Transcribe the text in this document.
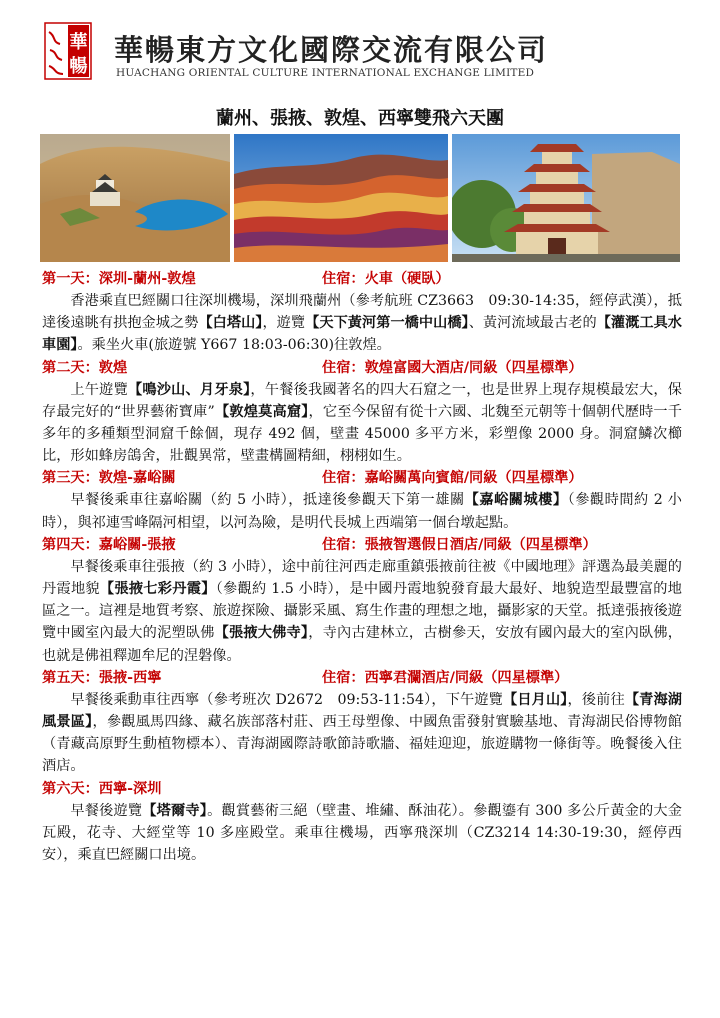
華
暢 華暢東方文化國際交流有限公司
HUACHANG ORIENTAL CULTURE INTERNATIONAL EXCHANGE LIMITED
蘭州、張掖、敦煌、西寧雙飛六天團
第一天：深圳-蘭州-敦煌	住宿：火車（硬臥）

香港乘直巴經關口往深圳機場，深圳飛蘭州（參考航班 CZ3663　09:30-14:35，經停武漢），抵達後遠眺有拱抱金城之勢【白塔山】，遊覽【天下黃河第一橋中山橋】、黃河流域最古老的【灌溉工具水車園】。乘坐火車(旅遊號 Y667 18:03-06:30)往敦煌。

第二天：敦煌	住宿：敦煌富國大酒店/同級（四星標準）

上午遊覽【鳴沙山、月牙泉】，午餐後我國著名的四大石窟之一，也是世界上現存規模最宏大，保存最完好的“世界藝術寶庫”【敦煌莫高窟】，它至今保留有從十六國、北魏至元朝等十個朝代歷時一千多年的多種類型洞窟千餘個，現存 492 個，壁畫 45000 多平方米，彩塑像 2000 身。洞窟鱗次櫛比，形如蜂房鴿舍，壯觀異常，壁畫構圖精細，栩栩如生。

第三天：敦煌-嘉峪關	住宿：嘉峪關萬向賓館/同級（四星標準）

早餐後乘車往嘉峪關（約 5 小時），抵達後參觀天下第一雄關【嘉峪關城樓】（參觀時間約 2 小時），與祁連雪峰隔河相望，以河為險，是明代長城上西端第一個台墩起點。

第四天：嘉峪關-張掖	住宿：張掖智選假日酒店/同級（四星標準）

早餐後乘車往張掖（約 3 小時），途中前往河西走廊重鎮張掖前往被《中國地理》評選為最美麗的丹霞地貌【張掖七彩丹霞】（參觀約 1.5 小時），是中國丹霞地貌發育最大最好、地貌造型最豐富的地區之一。這裡是地質考察、旅遊探險、攝影采風、寫生作畫的理想之地，攝影家的天堂。抵達張掖後遊覽中國室內最大的泥塑臥佛【張掖大佛寺】，寺內古建林立，古樹參天，安放有國內最大的室內臥佛，也就是佛祖釋迦牟尼的涅磐像。

第五天：張掖-西寧	住宿：西寧君瀾酒店/同級（四星標準）

早餐後乘動車往西寧（參考班次 D2672　09:53-11:54），下午遊覽【日月山】，後前往【青海湖風景區】，參觀風馬四緣、藏名族部落村莊、西王母塑像、中國魚雷發射實驗基地、青海湖民俗博物館（青藏高原野生動植物標本）、青海湖國際詩歌節詩歌牆、福娃迎迎，旅遊購物一條街等。晚餐後入住酒店。

第六天：西寧-深圳

早餐後遊覽【塔爾寺】。觀賞藝術三絕（壁畫、堆繡、酥油花）。參觀鎏有 300 多公斤黃金的大金瓦殿，花寺、大經堂等 10 多座殿堂。乘車往機場，西寧飛深圳（CZ3214 14:30-19:30，經停西安），乘直巴經關口出境。
